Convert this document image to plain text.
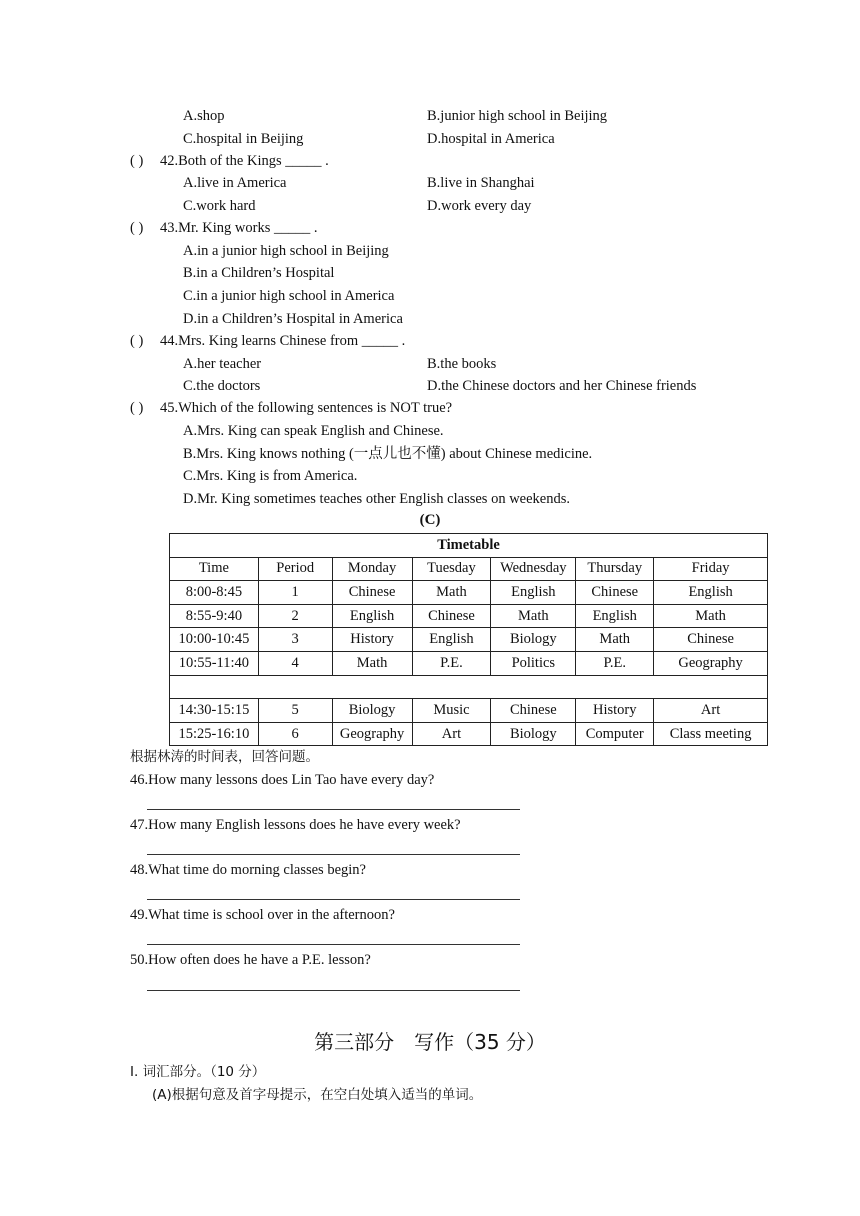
A.shop	B.junior high school in Beijing
C.hospital in Beijing	D.hospital in America
( ) 42.Both of the Kings _____ .
A.live in America	B.live in Shanghai
C.work hard	D.work every day
( ) 43.Mr. King works _____ .
A.in a junior high school in Beijing
B.in a Children’s Hospital
C.in a junior high school in America
D.in a Children’s Hospital in America
( ) 44.Mrs. King learns Chinese from _____ .
A.her teacher	B.the books
C.the doctors	D.the Chinese doctors and her Chinese friends
( ) 45.Which of the following sentences is NOT true?
A.Mrs. King can speak English and Chinese.
B.Mrs. King knows nothing (一点儿也不懂) about Chinese medicine.
C.Mrs. King is from America.
D.Mr. King sometimes teaches other English classes on weekends.
(C)
Timetable						
Time	Period	Monday	Tuesday	Wednesday	Thursday	Friday
8:00-8:45	1	Chinese	Math	English	Chinese	English
8:55-9:40	2	English	Chinese	Math	English	Math
10:00-10:45	3	History	English	Biology	Math	Chinese
10:55-11:40	4	Math	P.E.	Politics	P.E.	Geography

14:30-15:15	5	Biology	Music	Chinese	History	Art
15:25-16:10	6	Geography	Art	Biology	Computer	Class meeting
根据林涛的时间表，回答问题。
46.How many lessons does Lin Tao have every day?
47.How many English lessons does he have every week?
48.What time do morning classes begin?
49.What time is school over in the afternoon?
50.How often does he have a P.E. lesson?
第三部分　写作（35 分）
Ⅰ. 词汇部分。（10 分）
(A)根据句意及首字母提示，在空白处填入适当的单词。
